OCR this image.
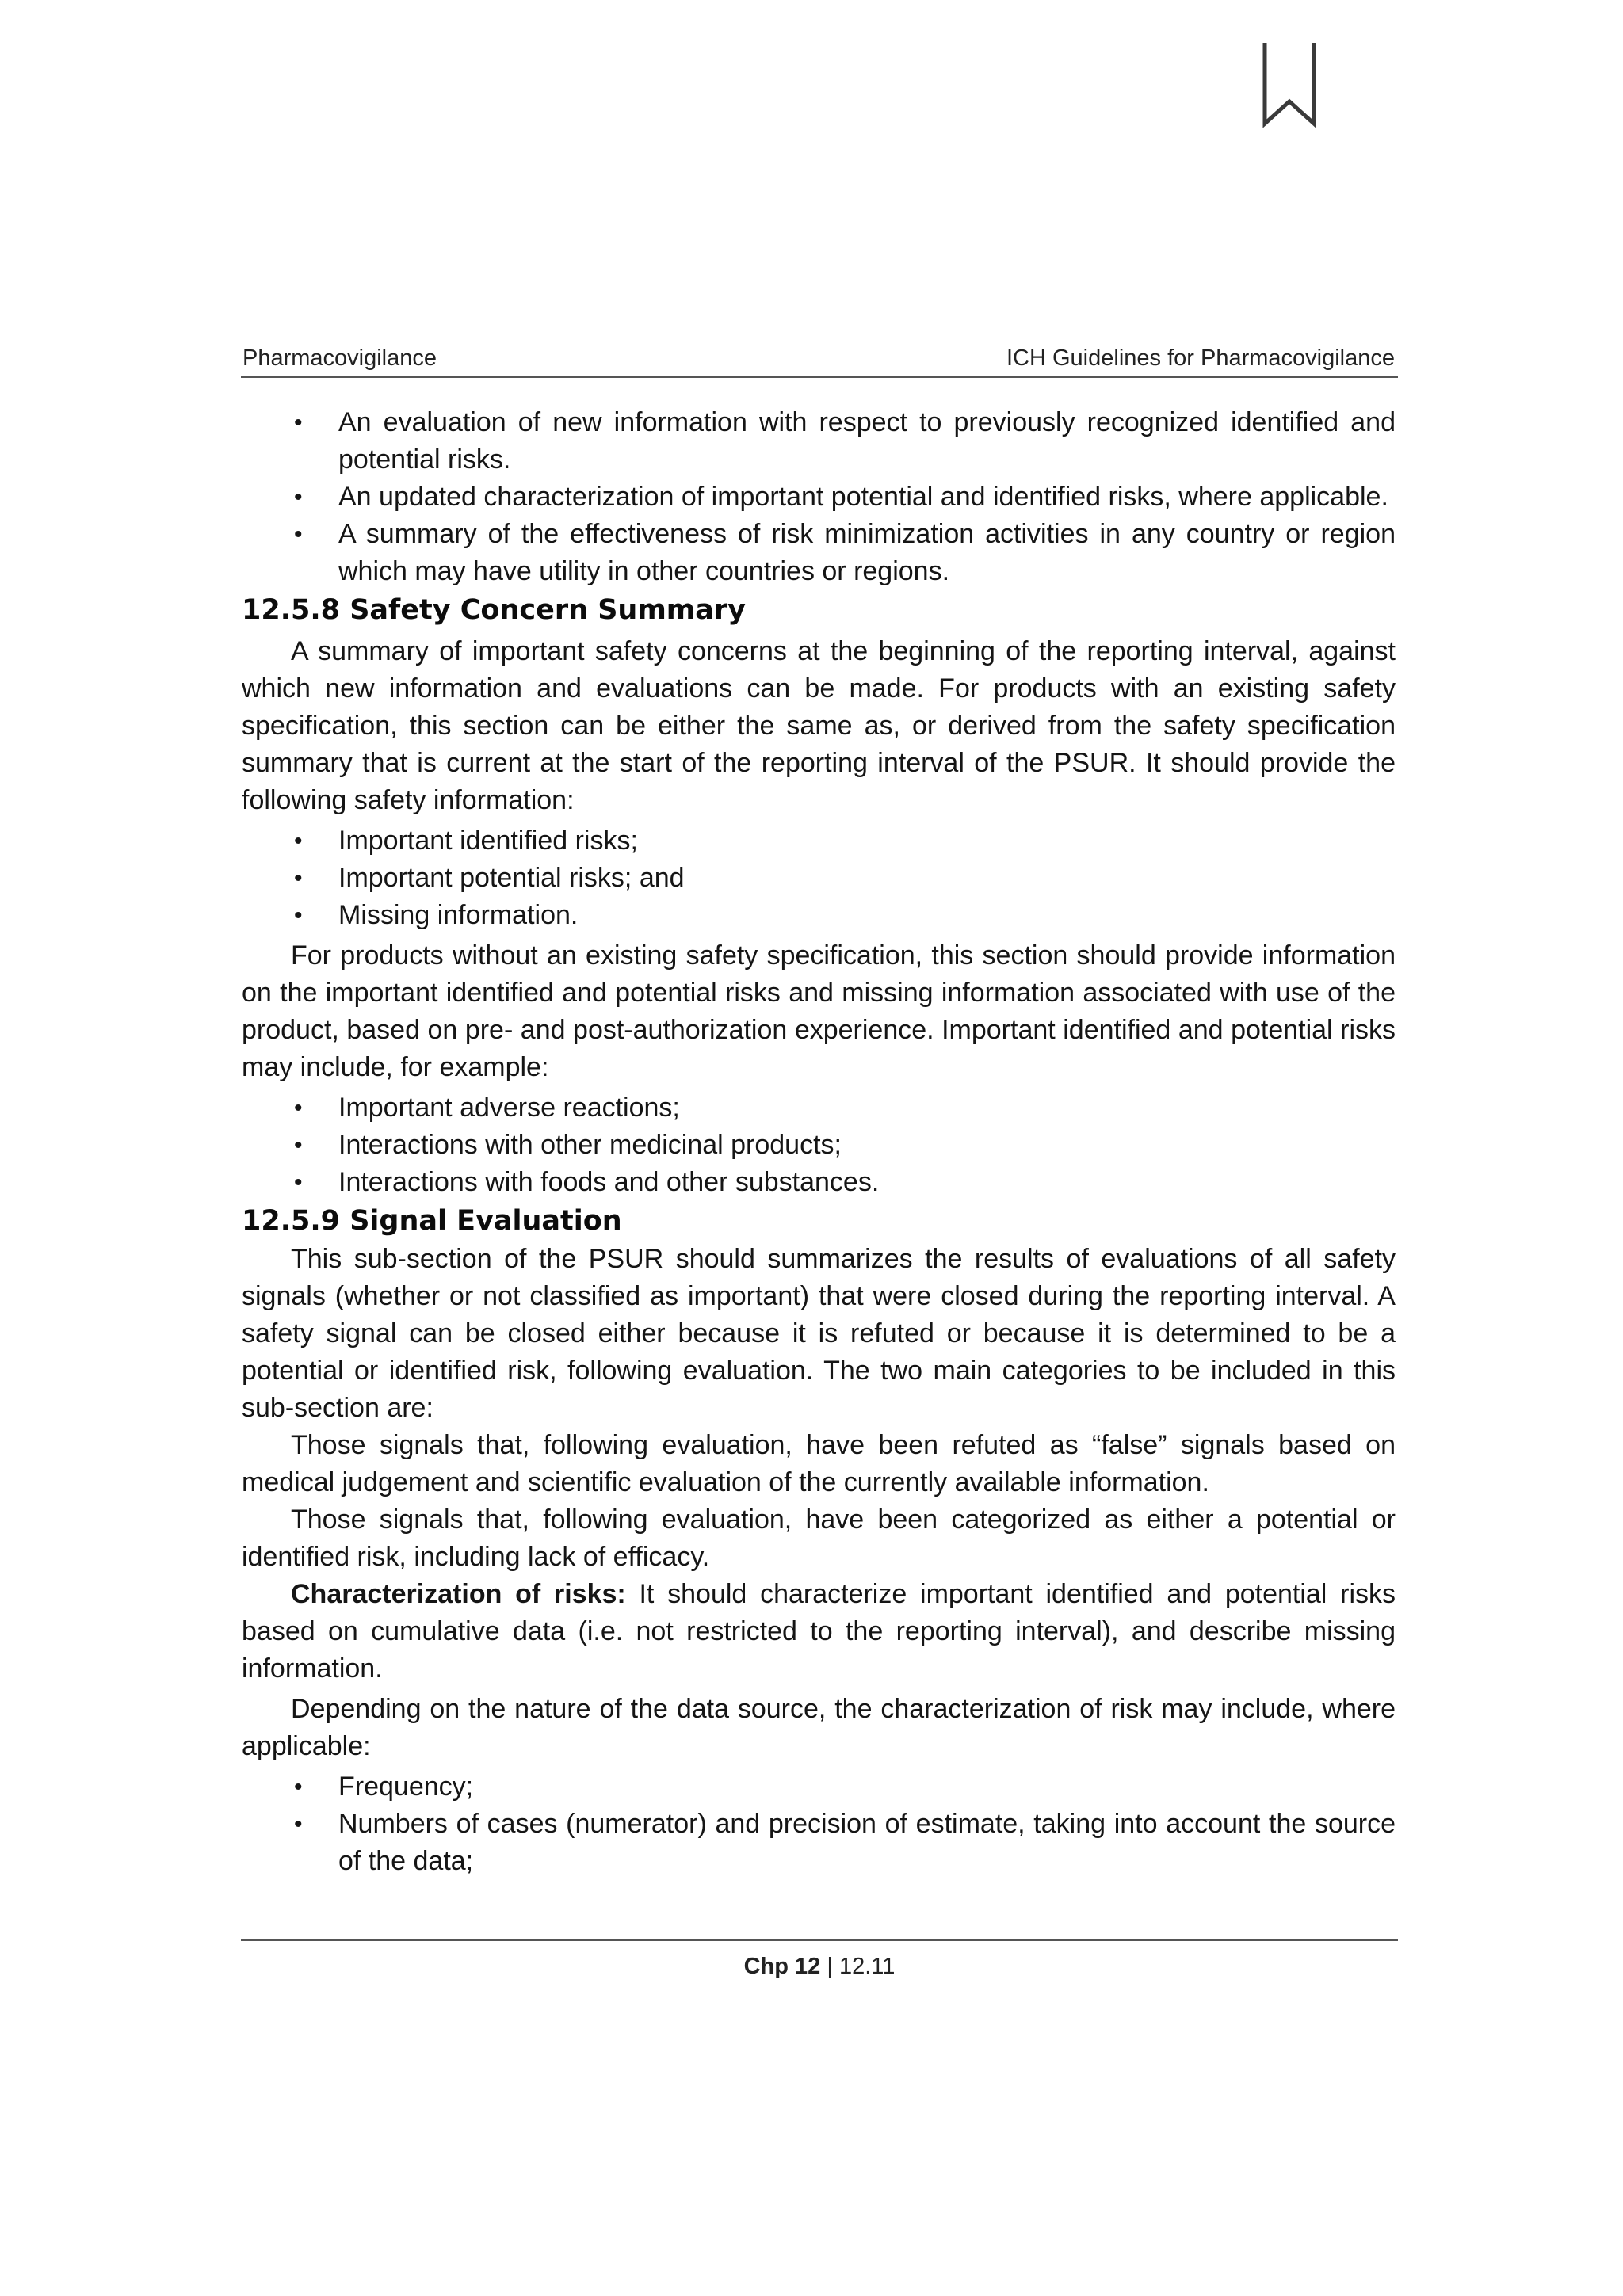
Pharmacovigilance	ICH Guidelines for Pharmacovigilance
• An evaluation of new information with respect to previously recognized identified and potential risks.
• An updated characterization of important potential and identified risks, where applicable.
• A summary of the effectiveness of risk minimization activities in any country or region which may have utility in other countries or regions.
12.5.8 Safety Concern Summary

A summary of important safety concerns at the beginning of the reporting interval, against which new information and evaluations can be made. For products with an existing safety specification, this section can be either the same as, or derived from the safety specification summary that is current at the start of the reporting interval of the PSUR. It should provide the following safety information:

• Important identified risks;
• Important potential risks; and
• Missing information.

For products without an existing safety specification, this section should provide information on the important identified and potential risks and missing information associated with use of the product, based on pre- and post-authorization experience. Important identified and potential risks may include, for example:

• Important adverse reactions;
• Interactions with other medicinal products;
• Interactions with foods and other substances.
12.5.9 Signal Evaluation

This sub-section of the PSUR should summarizes the results of evaluations of all safety signals (whether or not classified as important) that were closed during the reporting interval. A safety signal can be closed either because it is refuted or because it is determined to be a potential or identified risk, following evaluation. The two main categories to be included in this sub-section are:

Those signals that, following evaluation, have been refuted as “false” signals based on medical judgement and scientific evaluation of the currently available information.

Those signals that, following evaluation, have been categorized as either a potential or identified risk, including lack of efficacy.

Characterization of risks: It should characterize important identified and potential risks based on cumulative data (i.e. not restricted to the reporting interval), and describe missing information.

Depending on the nature of the data source, the characterization of risk may include, where applicable:

• Frequency;
• Numbers of cases (numerator) and precision of estimate, taking into account the source of the data;
Chp 12 | 12.11
